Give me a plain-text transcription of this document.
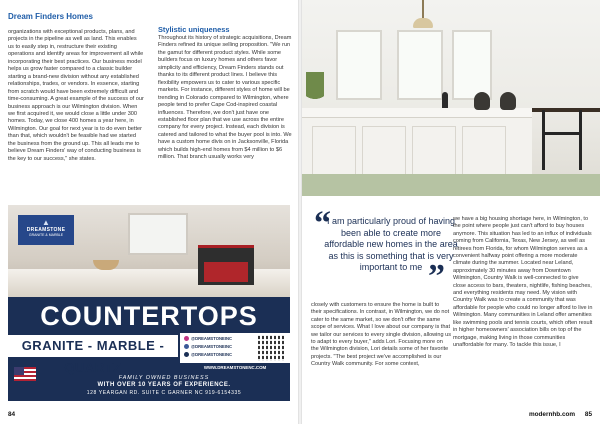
Dream Finders Homes
organizations with exceptional products, plans, and projects in the pipeline as well as land. This enables us to easily step in, restructure their existing operations and identify areas for improvement all while incorporating their best practices. Our business model helps us grow faster compared to a classic builder starting a brand-new division without any established relationships, trades, or vendors. In essence, starting from scratch would have been extremely difficult and time-consuming. A great example of the success of our business approach is our Wilmington division. When we first acquired it, we would close a little under 300 homes. Today, we close 400 homes a year here, in Wilmington. Our goal for next year is to do even better than that, which wouldn't be feasible had we started the business from the ground up. This all leads me to believe Dream Finders' way of conducting business is the key to our success," she states.
Stylistic uniqueness
Throughout its history of strategic acquisitions, Dream Finders refined its unique selling proposition. "We run the gamut for different product styles. While some builders focus on luxury homes and others favor simplicity and efficiency, Dream Finders stands out thanks to its different product lines. I believe this flexibility empowers us to cater to various specific markets. For instance, different styles of home will be trending in Colorado compared to Wilmington, where people tend to prefer Cape Cod-inspired coastal influences. Therefore, we don't just have one established floor plan that we use across the entire company for every project. Instead, each division is catered and tailored to what the buyer pool is into. We have a custom home divis on in Jacksonville, Florida which builds high-end homes from $4 million to $6 million. That branch usually works very
▲
DREAMSTONE
GRANITE & MARBLE
COUNTERTOPS
GRANITE - MARBLE - QUARTZ
@DREAMSTONEINC
@DREAMSTONEINC
@DREAMSTONEINC
WWW.DREAMSTONENC.COM
FAMILY OWNED BUSINESS
WITH OVER 10 YEARS OF EXPERIENCE.
128 YEARGAN RD. SUITE C GARNER NC 919-6154335
84
“
I am particularly proud of having been able to create more affordable new homes in the area as this is something that is very important to me ”
closely with customers to ensure the home is built to their specifications. In contrast, in Wilmington, we do not cater to the same market, so we don't offer the same scope of services. What I love about our company is that we tailor our services to every single division, allowing us to adapt to every buyer," adds Lori. Focusing more on the Wilmington division, Lori details some of her favorite projects. "The best project we've accomplished is our Country Walk community. For some context,
we have a big housing shortage here, in Wilmington, to the point where people just can't afford to buy houses anymore. This situation has led to an influx of individuals coming from California, Texas, New Jersey, as well as retirees from Florida, for whom Wilmington serves as a convenient halfway point offering a more moderate climate during the summer. Located near Leland, approximately 30 minutes away from Downtown Wilmington, Country Walk is well-connected to give close access to bars, theaters, nightlife, fishing beaches, and everything residents may need. My vision with Country Walk was to create a community that was affordable for people who could no longer afford to live in Wilmington. Many communities in Leland offer amenities like swimming pools and tennis courts, which often result in higher homeowners' association bills on top of the mortgage, making living in those communities unaffordable for many. To tackle this issue, I
modernhb.com 85
